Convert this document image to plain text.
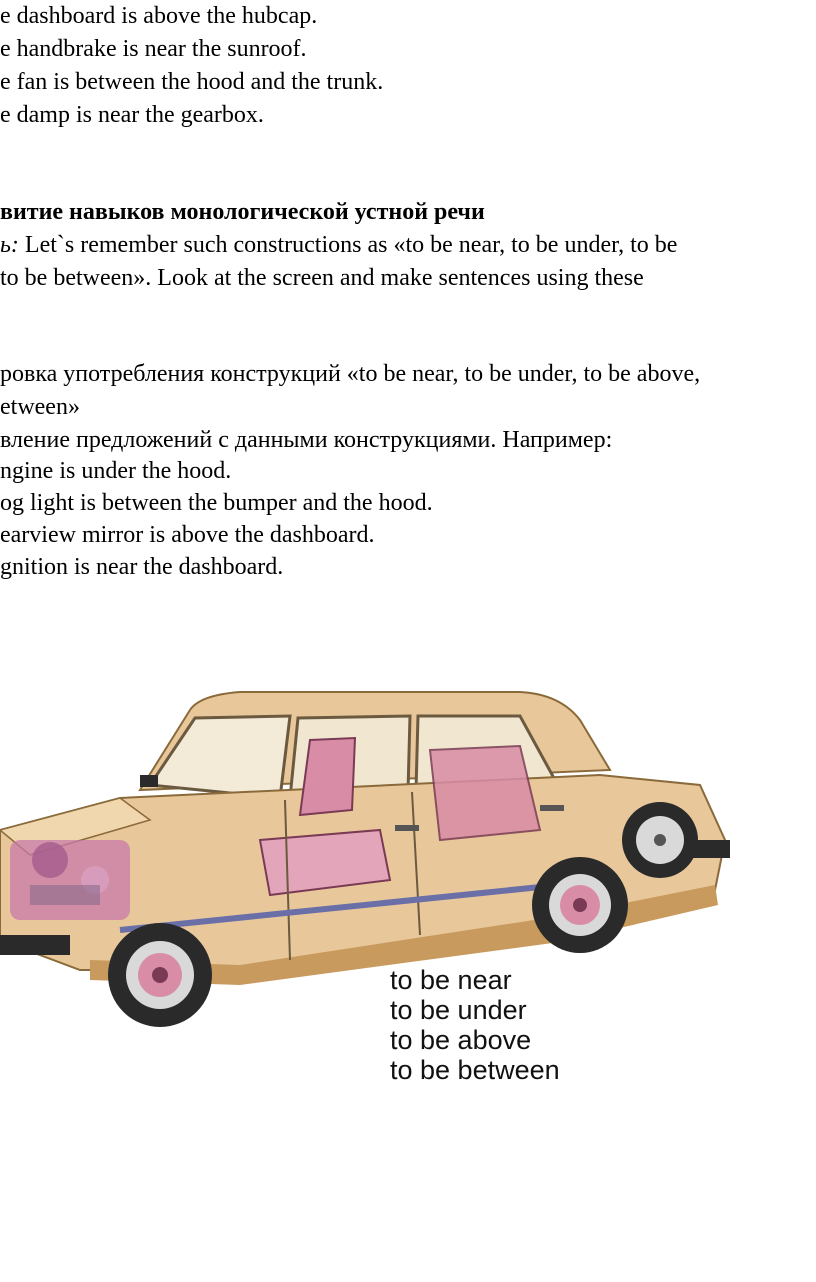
e dashboard is above the hubcap.
e handbrake is near the sunroof.
e fan is between the hood and the trunk.
e damp is near the gearbox.
витие навыков монологической устной речи
ь: Let`s remember such constructions as «to be near, to be under, to be
to be between». Look at the screen and make sentences using these
ровка употребления конструкций «to be near, to be under, to be above,
etween»
вление предложений с данными конструкциями. Например:
ngine is under the hood.
og light is between the bumper and the hood.
earview mirror is above the dashboard.
gnition is near the dashboard.
to be near
to be under
to be above
to be between
